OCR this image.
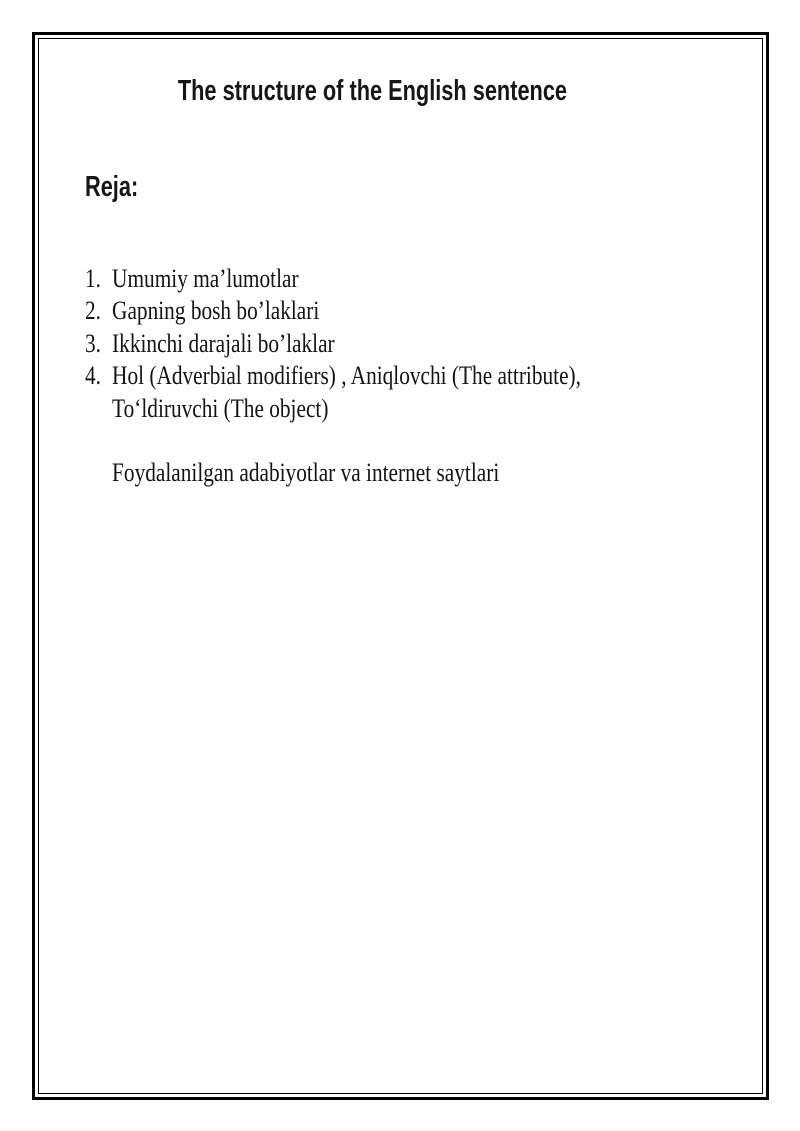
The structure of the English sentence
Reja:
1. Umumiy ma’lumotlar
2. Gapning bosh bo’laklari
3. Ikkinchi darajali bo’laklar
4. Hol (Adverbial modifiers) , Aniqlovchi (The attribute),
To‘ldiruvchi (The object)
Foydalanilgan adabiyotlar va internet saytlari
